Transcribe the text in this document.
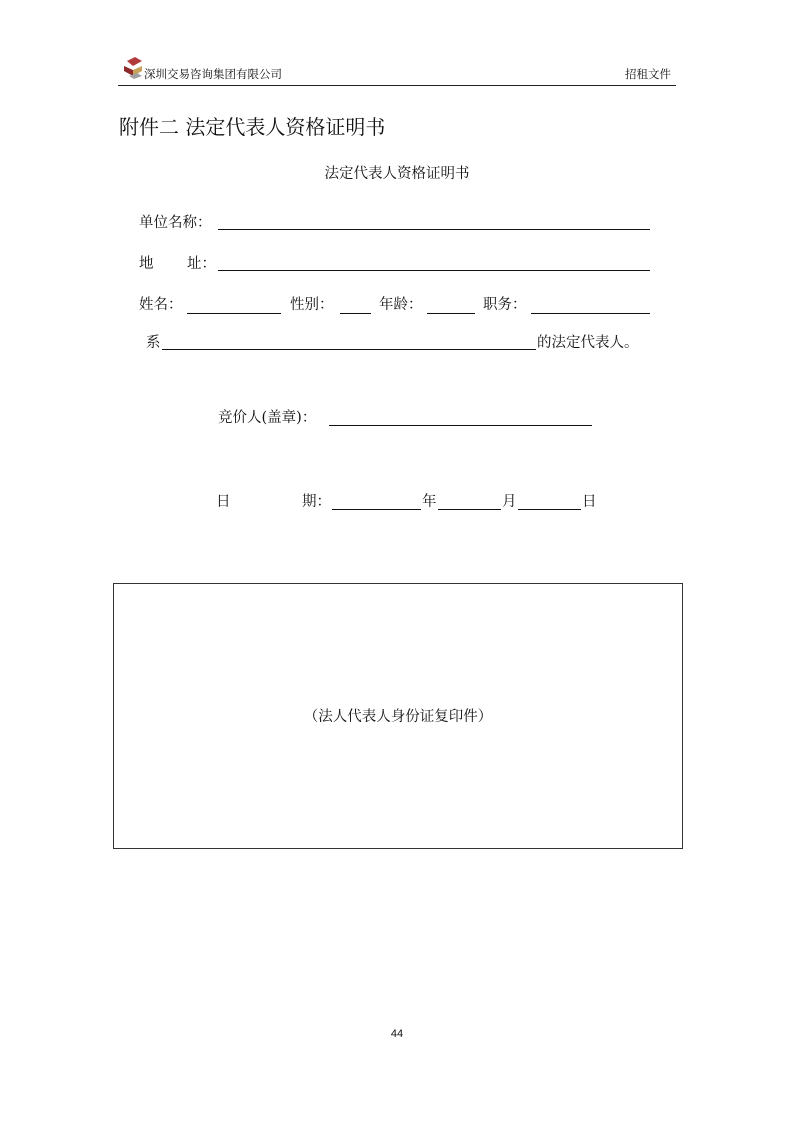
深圳交易咨询集团有限公司	招租文件
附件二 法定代表人资格证明书
法定代表人资格证明书
单位名称：
地 址：
姓名：	性别：	年龄：	职务：
系	的法定代表人。
竞价人(盖章)：
日	期：	年	月	日
（法人代表人身份证复印件）
44
